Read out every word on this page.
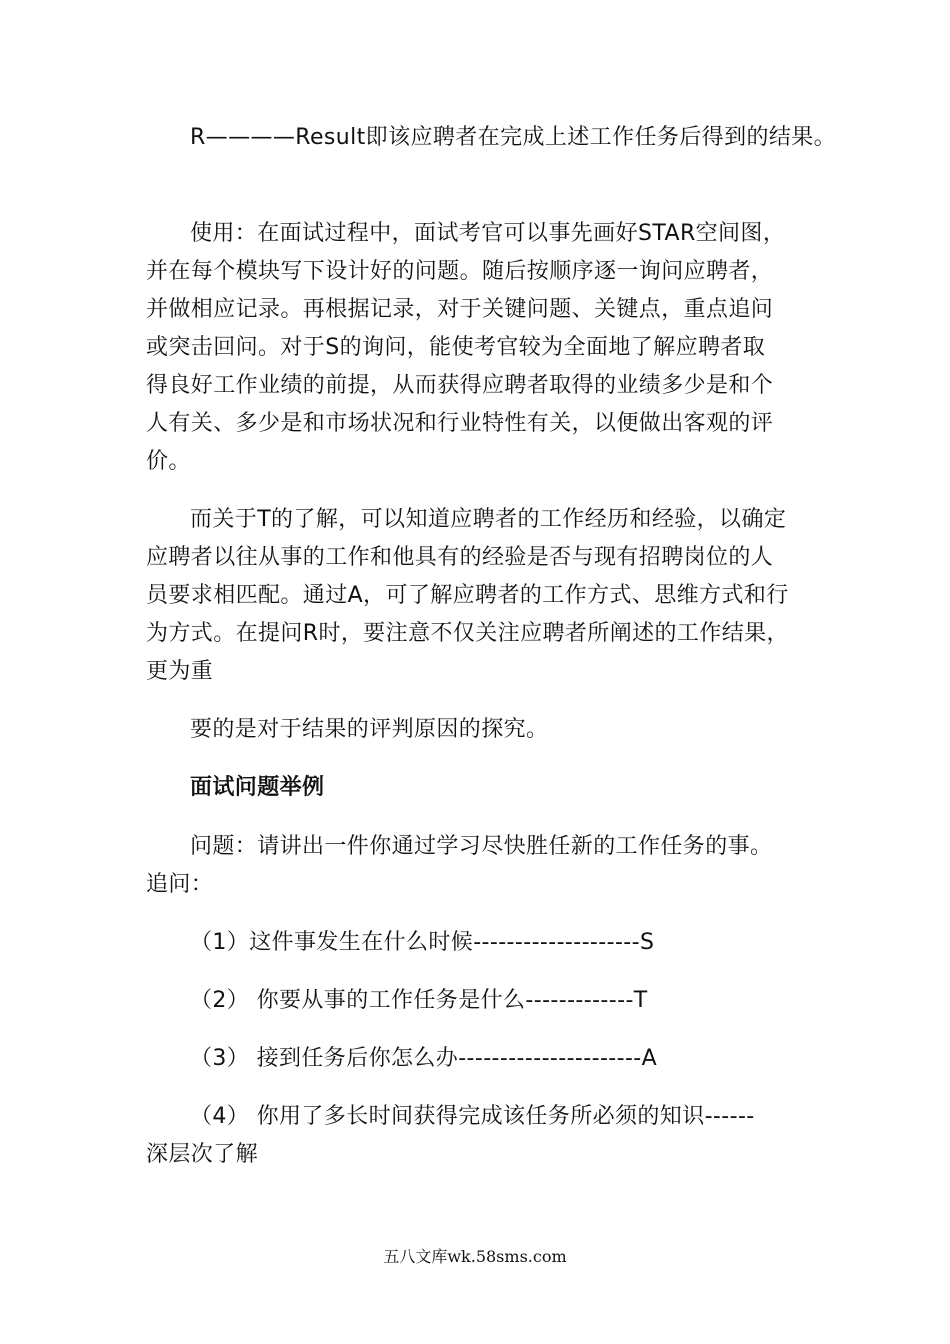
R————Result即该应聘者在完成上述工作任务后得到的结果。
使用：在面试过程中，面试考官可以事先画好STAR空间图，
并在每个模块写下设计好的问题。随后按顺序逐一询问应聘者，
并做相应记录。再根据记录，对于关键问题、关键点，重点追问
或突击回问。对于S的询问，能使考官较为全面地了解应聘者取
得良好工作业绩的前提，从而获得应聘者取得的业绩多少是和个
人有关、多少是和市场状况和行业特性有关，以便做出客观的评
价。
而关于T的了解，可以知道应聘者的工作经历和经验，以确定
应聘者以往从事的工作和他具有的经验是否与现有招聘岗位的人
员要求相匹配。通过A，可了解应聘者的工作方式、思维方式和行
为方式。在提问R时，要注意不仅关注应聘者所阐述的工作结果，
更为重
要的是对于结果的评判原因的探究。
面试问题举例
问题：请讲出一件你通过学习尽快胜任新的工作任务的事。
追问：
（1）这件事发生在什么时候--------------------S
（2） 你要从事的工作任务是什么-------------T
（3） 接到任务后你怎么办----------------------A
（4） 你用了多长时间获得完成该任务所必须的知识------
深层次了解
五八文库wk.58sms.com
